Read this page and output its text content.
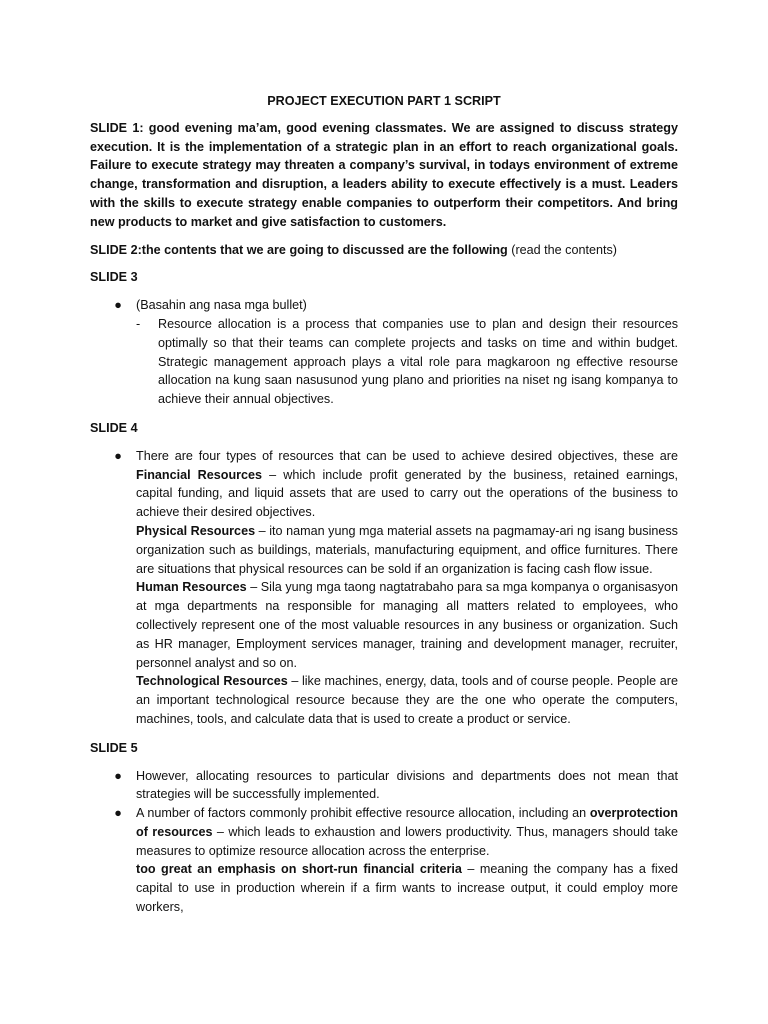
PROJECT EXECUTION PART 1 SCRIPT

SLIDE 1: good evening ma’am, good evening classmates. We are assigned to discuss strategy execution. It is the implementation of a strategic plan in an effort to reach organizational goals. Failure to execute strategy may threaten a company’s survival, in todays environment of extreme change, transformation and disruption, a leaders ability to execute effectively is a must. Leaders with the skills to execute strategy enable companies to outperform their competitors. And bring new products to market and give satisfaction to customers.

SLIDE 2:the contents that we are going to discussed are the following (read the contents)

SLIDE 3

● (Basahin ang nasa mga bullet)
- Resource allocation is a process that companies use to plan and design their resources optimally so that their teams can complete projects and tasks on time and within budget. Strategic management approach plays a vital role para magkaroon ng effective resourse allocation na kung saan nasusunod yung plano and priorities na niset ng isang kompanya to achieve their annual objectives.

SLIDE 4

● There are four types of resources that can be used to achieve desired objectives, these are Financial Resources – which include profit generated by the business, retained earnings, capital funding, and liquid assets that are used to carry out the operations of the business to achieve their desired objectives.
Physical Resources – ito naman yung mga material assets na pagmamay-ari ng isang business organization such as buildings, materials, manufacturing equipment, and office furnitures. There are situations that physical resources can be sold if an organization is facing cash flow issue.
Human Resources – Sila yung mga taong nagtatrabaho para sa mga kompanya o organisasyon at mga departments na responsible for managing all matters related to employees, who collectively represent one of the most valuable resources in any business or organization. Such as HR manager, Employment services manager, training and development manager, recruiter, personnel analyst and so on.
Technological Resources – like machines, energy, data, tools and of course people. People are an important technological resource because they are the one who operate the computers, machines, tools, and calculate data that is used to create a product or service.

SLIDE 5

● However, allocating resources to particular divisions and departments does not mean that strategies will be successfully implemented.
● A number of factors commonly prohibit effective resource allocation, including an overprotection of resources – which leads to exhaustion and lowers productivity. Thus, managers should take measures to optimize resource allocation across the enterprise.
too great an emphasis on short-run financial criteria – meaning the company has a fixed capital to use in production wherein if a firm wants to increase output, it could employ more workers,
